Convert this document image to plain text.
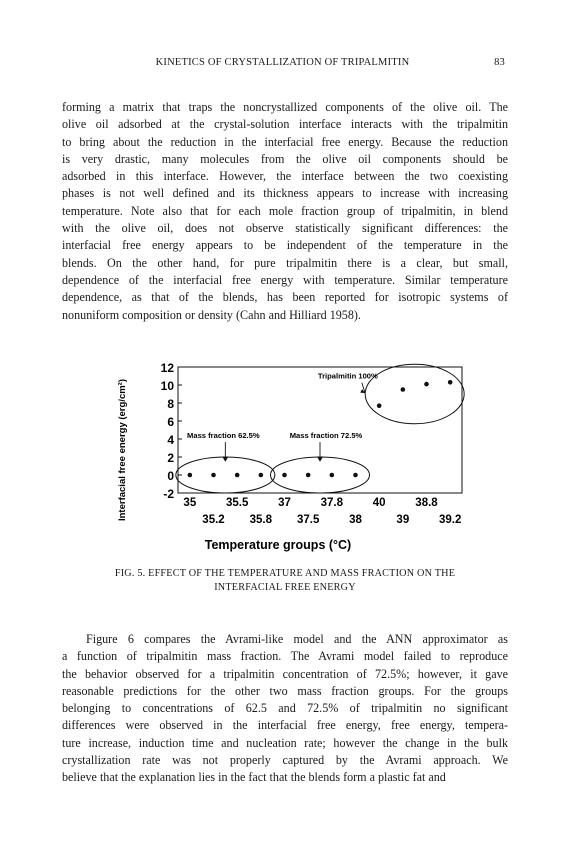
KINETICS OF CRYSTALLIZATION OF TRIPALMITIN	83
forming a matrix that traps the noncrystallized components of the olive oil. The
olive oil adsorbed at the crystal-solution interface interacts with the tripalmitin
to bring about the reduction in the interfacial free energy. Because the reduction
is very drastic, many molecules from the olive oil components should be
adsorbed in this interface. However, the interface between the two coexisting
phases is not well defined and its thickness appears to increase with increasing
temperature. Note also that for each mole fraction group of tripalmitin, in blend
with the olive oil, does not observe statistically significant differences: the
interfacial free energy appears to be independent of the temperature in the
blends. On the other hand, for pure tripalmitin there is a clear, but small,
dependence of the interfacial free energy with temperature. Similar temperature
dependence, as that of the blends, has been reported for isotropic systems of
nonuniform composition or density (Cahn and Hilliard 1958).
12
10
8
6
4
2
0
-2
35	35.5	37	37.8	40	38.8
35.2 35.8 37.5	38	39	39.2
Tripalmitin 100%
Mass fraction 62.5%	Mass fraction 72.5%
Temperature groups (°C)
Interfacial free energy (erg/cm²)
FIG. 5. EFFECT OF THE TEMPERATURE AND MASS FRACTION ON THE
INTERFACIAL FREE ENERGY
Figure 6 compares the Avrami-like model and the ANN approximator as
a function of tripalmitin mass fraction. The Avrami model failed to reproduce
the behavior observed for a tripalmitin concentration of 72.5%; however, it gave
reasonable predictions for the other two mass fraction groups. For the groups
belonging to concentrations of 62.5 and 72.5% of tripalmitin no significant
differences were observed in the interfacial free energy, free energy, tempera-
ture increase, induction time and nucleation rate; however the change in the bulk
crystallization rate was not properly captured by the Avrami approach. We
believe that the explanation lies in the fact that the blends form a plastic fat and
